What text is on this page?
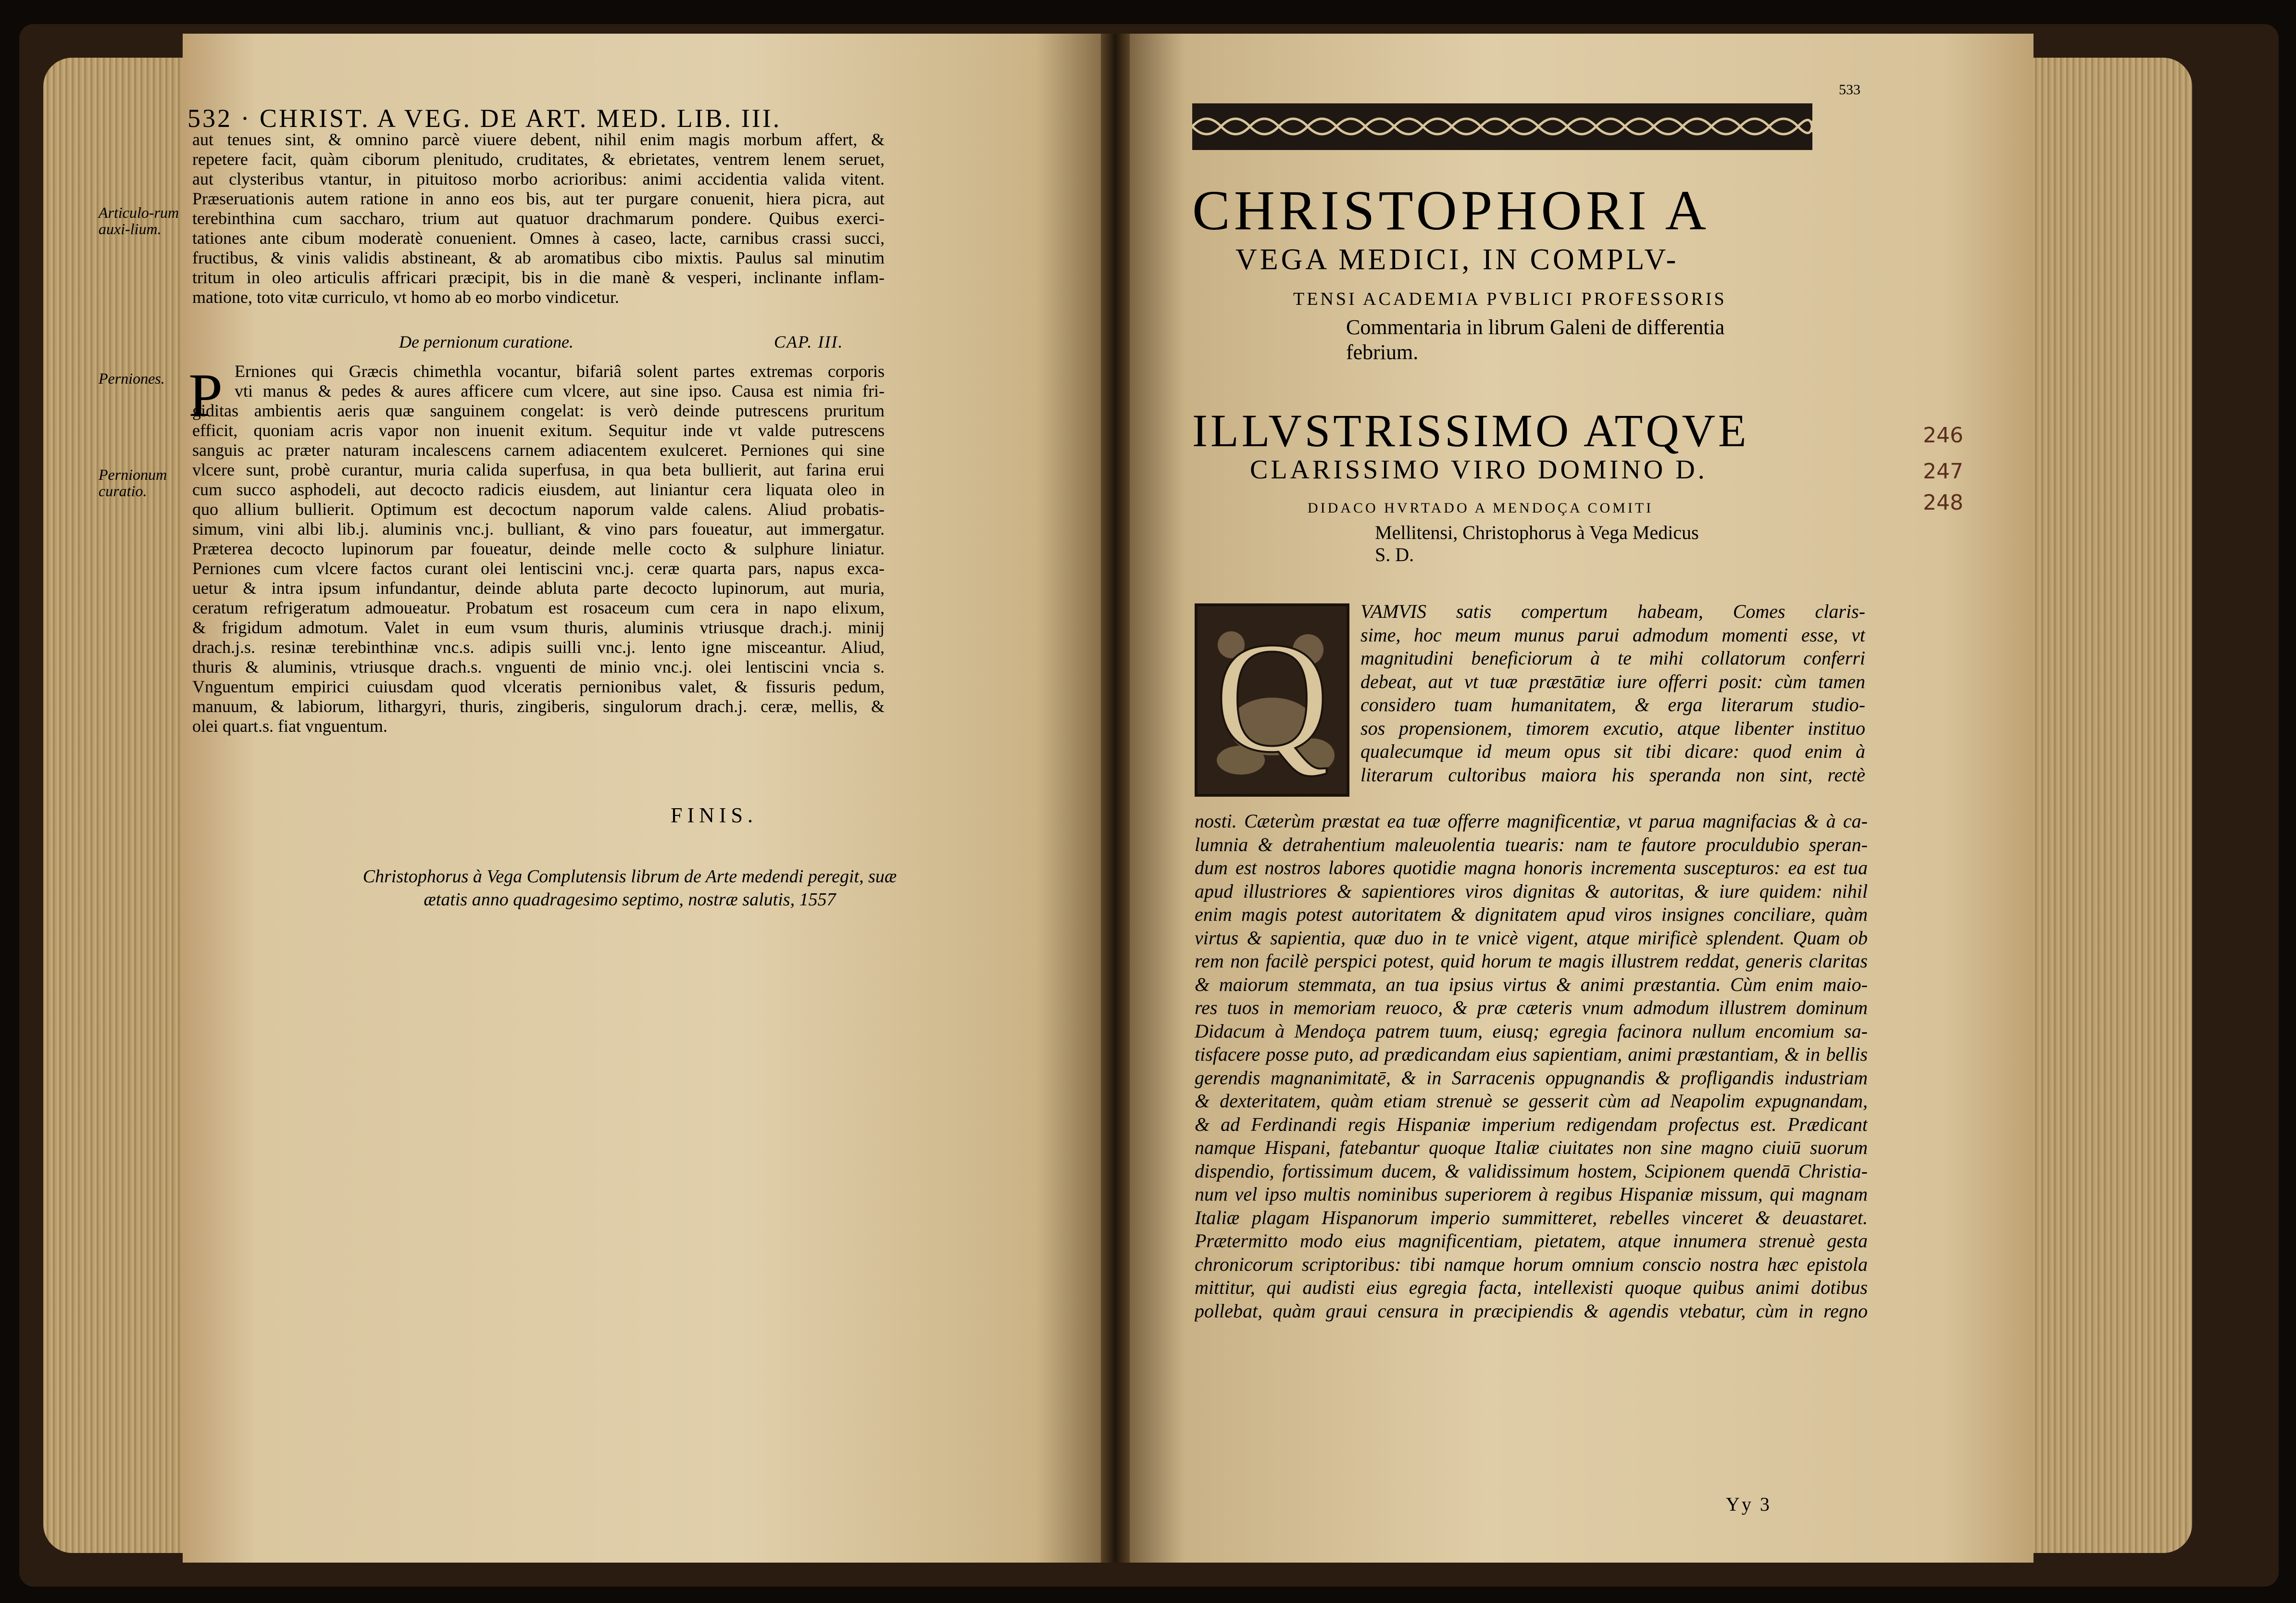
532 · CHRIST. A VEG. DE ART. MED. LIB. III.
Articulo-rum auxi-lium.
aut tenues sint, & omnino parcè viuere debent, nihil enim magis morbum affert, &
repetere facit, quàm ciborum plenitudo, cruditates, & ebrietates, ventrem lenem seruet,
aut clysteribus vtantur, in pituitoso morbo acrioribus: animi accidentia valida vitent.
Præseruationis autem ratione in anno eos bis, aut ter purgare conuenit, hiera picra, aut
terebinthina cum saccharo, trium aut quatuor drachmarum pondere. Quibus exerci-
tationes ante cibum moderatè conuenient. Omnes à caseo, lacte, carnibus crassi succi,
fructibus, & vinis validis abstineant, & ab aromatibus cibo mixtis. Paulus sal minutim
tritum in oleo articulis affricari præcipit, bis in die manè & vesperi, inclinante inflam-
matione, toto vitæ curriculo, vt homo ab eo morbo vindicetur.
De pernionum curatione.	CAP. III.
Perniones.
Pernionum curatio.
P Erniones qui Græcis chimethla vocantur, bifariâ solent partes extremas corporis
vti manus & pedes & aures afficere cum vlcere, aut sine ipso. Causa est nimia fri-
giditas ambientis aeris quæ sanguinem congelat: is verò deinde putrescens pruritum
efficit, quoniam acris vapor non inuenit exitum. Sequitur inde vt valde putrescens
sanguis ac præter naturam incalescens carnem adiacentem exulceret. Perniones qui sine
vlcere sunt, probè curantur, muria calida superfusa, in qua beta bullierit, aut farina erui
cum succo asphodeli, aut decocto radicis eiusdem, aut liniantur cera liquata oleo in
quo allium bullierit. Optimum est decoctum naporum valde calens. Aliud probatis-
simum, vini albi lib.j. aluminis vnc.j. bulliant, & vino pars foueatur, aut immergatur.
Præterea decocto lupinorum par foueatur, deinde melle cocto & sulphure liniatur.
Perniones cum vlcere factos curant olei lentiscini vnc.j. ceræ quarta pars, napus exca-
uetur & intra ipsum infundantur, deinde abluta parte decocto lupinorum, aut muria,
ceratum refrigeratum admoueatur. Probatum est rosaceum cum cera in napo elixum,
& frigidum admotum. Valet in eum vsum thuris, aluminis vtriusque drach.j. minij
drach.j.s. resinæ terebinthinæ vnc.s. adipis suilli vnc.j. lento igne misceantur. Aliud,
thuris & aluminis, vtriusque drach.s. vnguenti de minio vnc.j. olei lentiscini vncia s.
Vnguentum empirici cuiusdam quod vlceratis pernionibus valet, & fissuris pedum,
manuum, & labiorum, lithargyri, thuris, zingiberis, singulorum drach.j. ceræ, mellis, &
olei quart.s. fiat vnguentum.
FINIS.
Christophorus à Vega Complutensis librum de Arte medendi peregit, suæ
ætatis anno quadragesimo septimo, nostræ salutis, 1557
533
CHRISTOPHORI A
VEGA MEDICI, IN COMPLV-
TENSI ACADEMIA PVBLICI PROFESSORIS
Commentaria in librum Galeni de differentia febrium.
ILLVSTRISSIMO ATQVE
CLARISSIMO VIRO DOMINO D.
DIDACO HVRTADO A MENDOÇA COMITI
Mellitensi, Christophorus à Vega Medicus S. D.
246
247
248
Q VAMVIS satis compertum habeam, Comes claris-
sime, hoc meum munus parui admodum momenti esse, vt
magnitudini beneficiorum à te mihi collatorum conferri
debeat, aut vt tuæ præstātiæ iure offerri posit: cùm tamen
considero tuam humanitatem, & erga literarum studio-
sos propensionem, timorem excutio, atque libenter instituo
qualecumque id meum opus sit tibi dicare: quod enim à
literarum cultoribus maiora his speranda non sint, rectè
nosti. Cæterùm præstat ea tuæ offerre magnificentiæ, vt parua magnifacias & à ca-
lumnia & detrahentium maleuolentia tuearis: nam te fautore proculdubio speran-
dum est nostros labores quotidie magna honoris incrementa suscepturos: ea est tua
apud illustriores & sapientiores viros dignitas & autoritas, & iure quidem: nihil
enim magis potest autoritatem & dignitatem apud viros insignes conciliare, quàm
virtus & sapientia, quæ duo in te vnicè vigent, atque mirificè splendent. Quam ob
rem non facilè perspici potest, quid horum te magis illustrem reddat, generis claritas
& maiorum stemmata, an tua ipsius virtus & animi præstantia. Cùm enim maio-
res tuos in memoriam reuoco, & præ cæteris vnum admodum illustrem dominum
Didacum à Mendoça patrem tuum, eiusq; egregia facinora nullum encomium sa-
tisfacere posse puto, ad prædicandam eius sapientiam, animi præstantiam, & in bellis
gerendis magnanimitatē, & in Sarracenis oppugnandis & profligandis industriam
& dexteritatem, quàm etiam strenuè se gesserit cùm ad Neapolim expugnandam,
& ad Ferdinandi regis Hispaniæ imperium redigendam profectus est. Prædicant
namque Hispani, fatebantur quoque Italiæ ciuitates non sine magno ciuiū suorum
dispendio, fortissimum ducem, & validissimum hostem, Scipionem quendā Christia-
num vel ipso multis nominibus superiorem à regibus Hispaniæ missum, qui magnam
Italiæ plagam Hispanorum imperio summitteret, rebelles vinceret & deuastaret.
Prætermitto modo eius magnificentiam, pietatem, atque innumera strenuè gesta
chronicorum scriptoribus: tibi namque horum omnium conscio nostra hæc epistola
mittitur, qui audisti eius egregia facta, intellexisti quoque quibus animi dotibus
pollebat, quàm graui censura in præcipiendis & agendis vtebatur, cùm in regno
Yy 3
